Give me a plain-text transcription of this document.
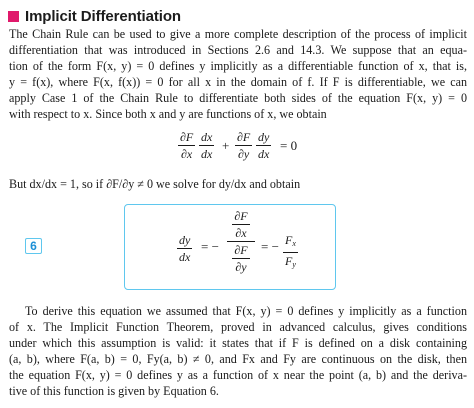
Implicit Differentiation
The Chain Rule can be used to give a more complete description of the process of implicit
differentiation that was introduced in Sections 2.6 and 14.3. We suppose that an equa-
tion of the form F(x, y) = 0 defines y implicitly as a differentiable function of x, that is,
y = f(x), where F(x, f(x)) = 0 for all x in the domain of f. If F is differentiable, we can
apply Case 1 of the Chain Rule to differentiate both sides of the equation F(x, y) = 0
with respect to x. Since both x and y are functions of x, we obtain
∂F
∂x
dx
dx
+
∂F
∂y
dy
dx
= 0
But dx/dx = 1, so if ∂F/∂y ≠ 0 we solve for dy/dx and obtain
6	dy
dx
= −
$\frac{\partial F}{\partial x}$
$\frac{\partial F}{\partial y}$ = − $F_x$
$F_y$
To derive this equation we assumed that F(x, y) = 0 defines y implicitly as a function
of x. The Implicit Function Theorem, proved in advanced calculus, gives conditions
under which this assumption is valid: it states that if F is defined on a disk containing
(a, b), where F(a, b) = 0, Fy(a, b) ≠ 0, and Fx and Fy are continuous on the disk, then
the equation F(x, y) = 0 defines y as a function of x near the point (a, b) and the deriva-
tive of this function is given by Equation 6.
